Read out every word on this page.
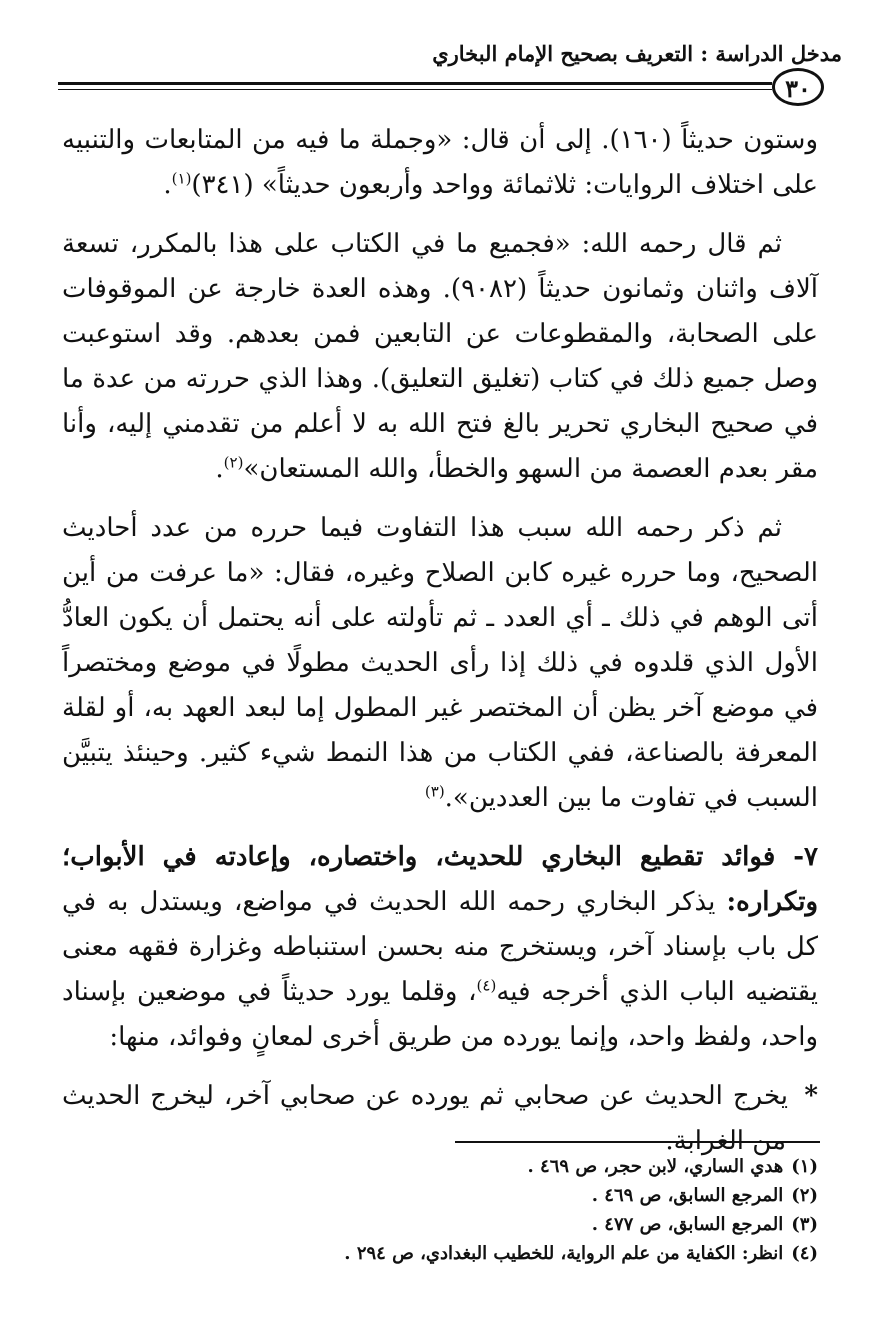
مدخل الدراسة : التعريف بصحيح الإمام البخاري
٣٠

وستون حديثاً (١٦٠). إلى أن قال: «وجملة ما فيه من المتابعات والتنبيه على اختلاف الروايات: ثلاثمائة وواحد وأربعون حديثاً» (٣٤١)$^{(١)}$.

ثم قال رحمه الله: «فجميع ما في الكتاب على هذا بالمكرر، تسعة آلاف واثنان وثمانون حديثاً (٩٠٨٢). وهذه العدة خارجة عن الموقوفات على الصحابة، والمقطوعات عن التابعين فمن بعدهم. وقد استوعبت وصل جميع ذلك في كتاب (تغليق التعليق). وهذا الذي حررته من عدة ما في صحيح البخاري تحرير بالغ فتح الله به لا أعلم من تقدمني إليه، وأنا مقر بعدم العصمة من السهو والخطأ، والله المستعان»$^{(٢)}$.

ثم ذكر رحمه الله سبب هذا التفاوت فيما حرره من عدد أحاديث الصحيح، وما حرره غيره كابن الصلاح وغيره، فقال: «ما عرفت من أين أتى الوهم في ذلك ـ أي العدد ـ ثم تأولته على أنه يحتمل أن يكون العادُّ الأول الذي قلدوه في ذلك إذا رأى الحديث مطولًا في موضع ومختصراً في موضع آخر يظن أن المختصر غير المطول إما لبعد العهد به، أو لقلة المعرفة بالصناعة، ففي الكتاب من هذا النمط شيء كثير. وحينئذ يتبيَّن السبب في تفاوت ما بين العددين».$^{(٣)}$

٧- فوائد تقطيع البخاري للحديث، واختصاره، وإعادته في الأبواب؛ وتكراره: يذكر البخاري رحمه الله الحديث في مواضع، ويستدل به في كل باب بإسناد آخر، ويستخرج منه بحسن استنباطه وغزارة فقهه معنى يقتضيه الباب الذي أخرجه فيه$^{(٤)}$، وقلما يورد حديثاً في موضعين بإسناد واحد، ولفظ واحد، وإنما يورده من طريق أخرى لمعانٍ وفوائد، منها:

*يخرج الحديث عن صحابي ثم يورده عن صحابي آخر، ليخرج الحديث من الغرابة.

(١)هدي الساري، لابن حجر، ص ٤٦٩ .
(٢)المرجع السابق، ص ٤٦٩ .
(٣)المرجع السابق، ص ٤٧٧ .
(٤)انظر: الكفاية من علم الرواية، للخطيب البغدادي، ص ٢٩٤ .
